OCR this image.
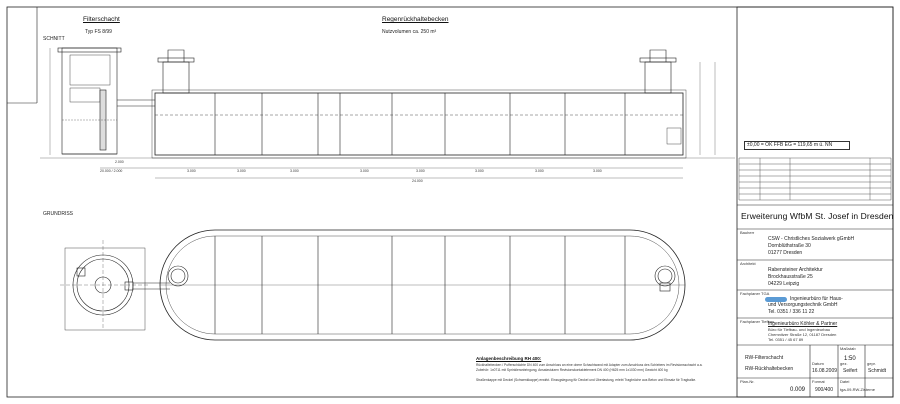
Filterschacht
Typ FS 8/99
Regenrückhaltebecken
Nutzvolumen ca. 250 m³
SCHNITT
GRUNDRISS
±0,00 = OK FFB EG = 119,65 m ü. NN
3.000	3.000	3.000	3.000	3.000	3.000	3.000	3.000
24.000
2.000
20.000 / 2.000
Anlagenbeschreibung RH 400:
Rückhaltebecken / Pufferschächte DN 400 zum Anschluss an eine obere Schachtwand mit Adapter zum Anschluss des Schiebers im Revisionsschacht a.a.
Zubehör: 1x0711 mit Sprinkleranbringung, Ansatzstutzen Revisionskontaktelement DN 400 (H625 mm 1x1030 mm) Gewicht 400 kg
Straßenkappe mit Deckel (Schwenkkappe) erwirkt. Einzugslegung für Deckel und Überlastung, erlebt Tragbrüche aus Beton und Einsatz für Tragbalke.
Erweiterung WfbM St. Josef in Dresden
Bauherr
CSW - Christliches Sozialwerk gGmbH
Dornblüthstraße 30
01277 Dresden
Architekt
Rabensteiner Architektur
Brockhausstraße 25
04229 Leipzig
Fachplaner TGA
Ingenieurbüro für Haus-
und Versorgungstechnik GmbH
Tel. 0351 / 336 11 22
Fachplaner Tiefbau
Ingenieurbüro Köhler & Partner
Büro für Tiefbau- und Ingenieurbau
Chemnitzer Straße 12, 01187 Dresden
Tel. 0351 / 45 67 89
RW-Filterschacht
RW-Rückhaltebecken
Maßstab
1:50
Datum
16.08.2009
gez.
Seifert
gepr.
Schmidt
Plan-Nr.
0.009
Format
900/400
Datei
tga-09-RW-Zisterne
